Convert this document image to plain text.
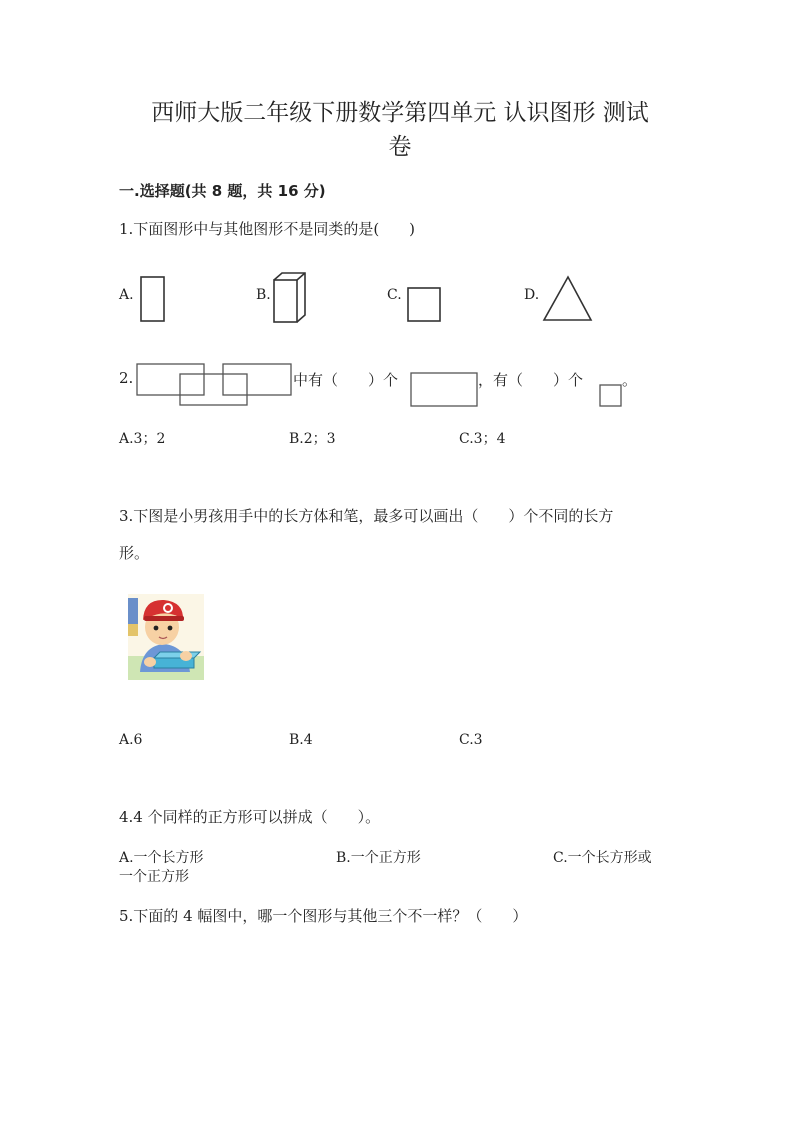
西师大版二年级下册数学第四单元 认识图形 测试
卷
一.选择题(共 8 题，共 16 分)
1.下面图形中与其他图形不是同类的是(　　)
A.	B.	C.	D.
2.	中有（　　）个	，有（　　）个	。
A.3；2	B.2；3	C.3；4
3.下图是小男孩用手中的长方体和笔，最多可以画出（　　）个不同的长方
形。
A.6	B.4	C.3
4.4 个同样的正方形可以拼成（　　）。
A.一个长方形	B.一个正方形	C.一个长方形或
一个正方形
5.下面的 4 幅图中，哪一个图形与其他三个不一样？（　　）
